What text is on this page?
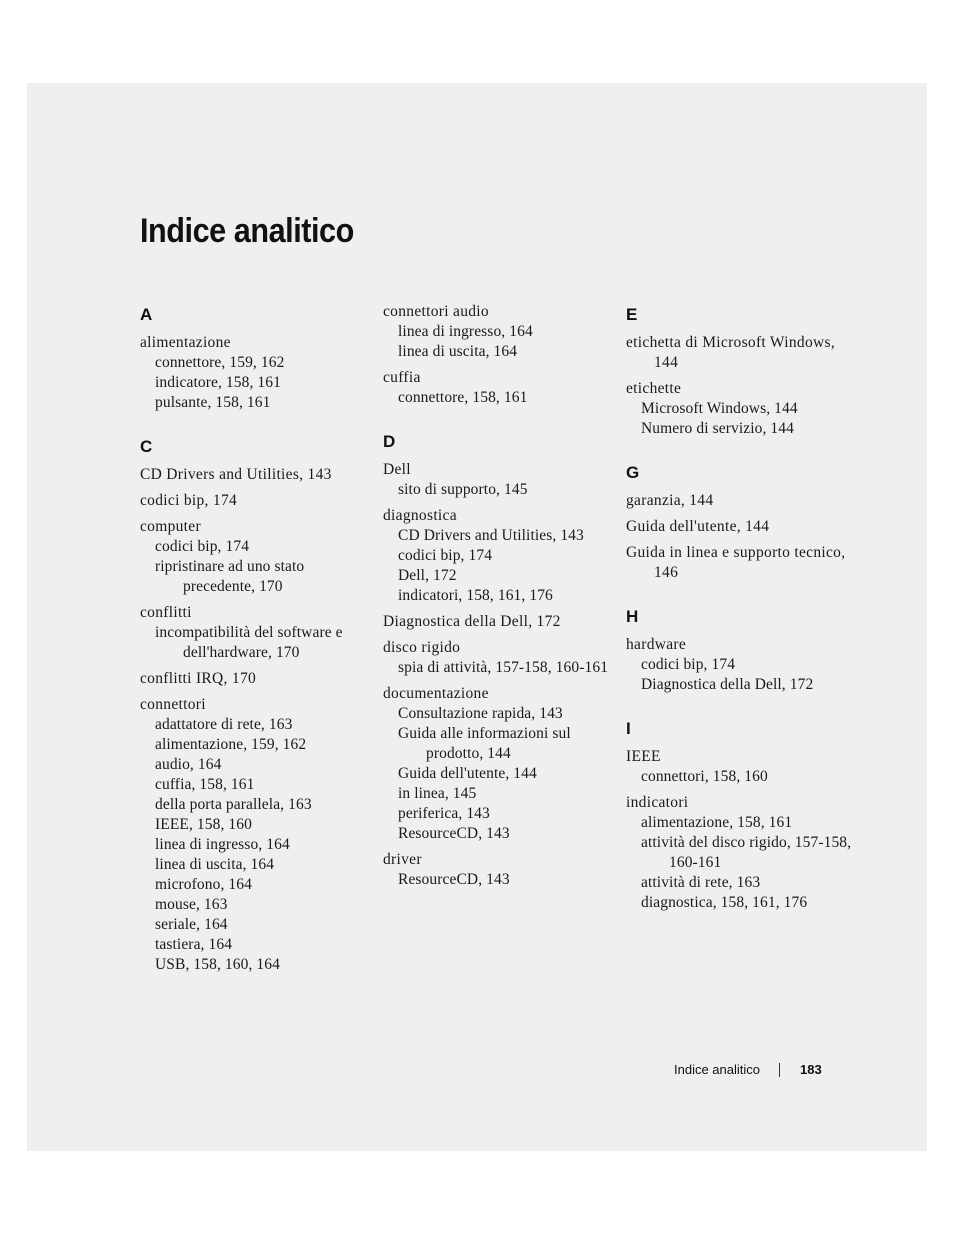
Indice analitico
A
alimentazione
connettore, 159, 162
indicatore, 158, 161
pulsante, 158, 161
C
CD Drivers and Utilities, 143
codici bip, 174
computer
codici bip, 174
ripristinare ad uno stato precedente, 170
conflitti
incompatibilità del software e dell'hardware, 170
conflitti IRQ, 170
connettori
adattatore di rete, 163
alimentazione, 159, 162
audio, 164
cuffia, 158, 161
della porta parallela, 163
IEEE, 158, 160
linea di ingresso, 164
linea di uscita, 164
microfono, 164
mouse, 163
seriale, 164
tastiera, 164
USB, 158, 160, 164
connettori audio
linea di ingresso, 164
linea di uscita, 164
cuffia
connettore, 158, 161
D
Dell
sito di supporto, 145
diagnostica
CD Drivers and Utilities, 143
codici bip, 174
Dell, 172
indicatori, 158, 161, 176
Diagnostica della Dell, 172
disco rigido
spia di attività, 157-158, 160-161
documentazione
Consultazione rapida, 143
Guida alle informazioni sul prodotto, 144
Guida dell'utente, 144
in linea, 145
periferica, 143
ResourceCD, 143
driver
ResourceCD, 143
E
etichetta di Microsoft Windows, 144
etichette
Microsoft Windows, 144
Numero di servizio, 144
G
garanzia, 144
Guida dell'utente, 144
Guida in linea e supporto tecnico, 146
H
hardware
codici bip, 174
Diagnostica della Dell, 172
I
IEEE
connettori, 158, 160
indicatori
alimentazione, 158, 161
attività del disco rigido, 157-158, 160-161
attività di rete, 163
diagnostica, 158, 161, 176
Indice analitico	183
